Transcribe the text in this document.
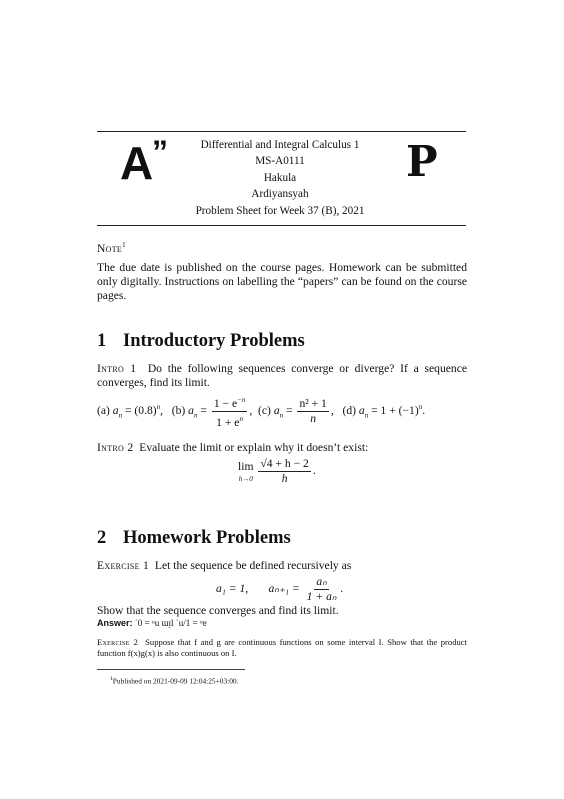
A ”	Differential and Integral Calculus 1
MS-A0111
Hakula
Ardiyansyah
Problem Sheet for Week 37 (B), 2021
P
Note$^1$
The due date is published on the course pages. Homework can be submitted only digitally. Instructions on labelling the “papers” can be found on the course pages.
1 Introductory Problems
Intro 1 Do the following sequences converge or diverge? If a sequence converges, find its limit.
(a) $a_n = (0.8)^n$,   (b) $a_n = \frac{1 - e^{-n}}{1 + e^n}$ ,  (c) $a_n = \frac{\text{n² + 1}}{n}$ ,   (d) $a_n = 1 + (-1)^n$.
Intro 2 Evaluate the limit or explain why it doesn’t exist:
lim
h→0
$\frac{√4 + h - 2}{h}$ .
2 Homework Problems
Exercise 1 Let the sequence be defined recursively as
a₁ = 1, $a_{n+1} = \frac{\text{aₙ}}{\text{1 + aₙ}}$ .
Show that the sequence converges and find its limit.
Answer: ˙0 = ᵘu ɯᴉl ˙u/1 = ᵘɐ
Exercise 2 Suppose that f and g are continuous functions on some interval I. Show that the product function f(x)g(x) is also continuous on I.
$^1$Published on 2021-09-09 12:04:25+03:00.
